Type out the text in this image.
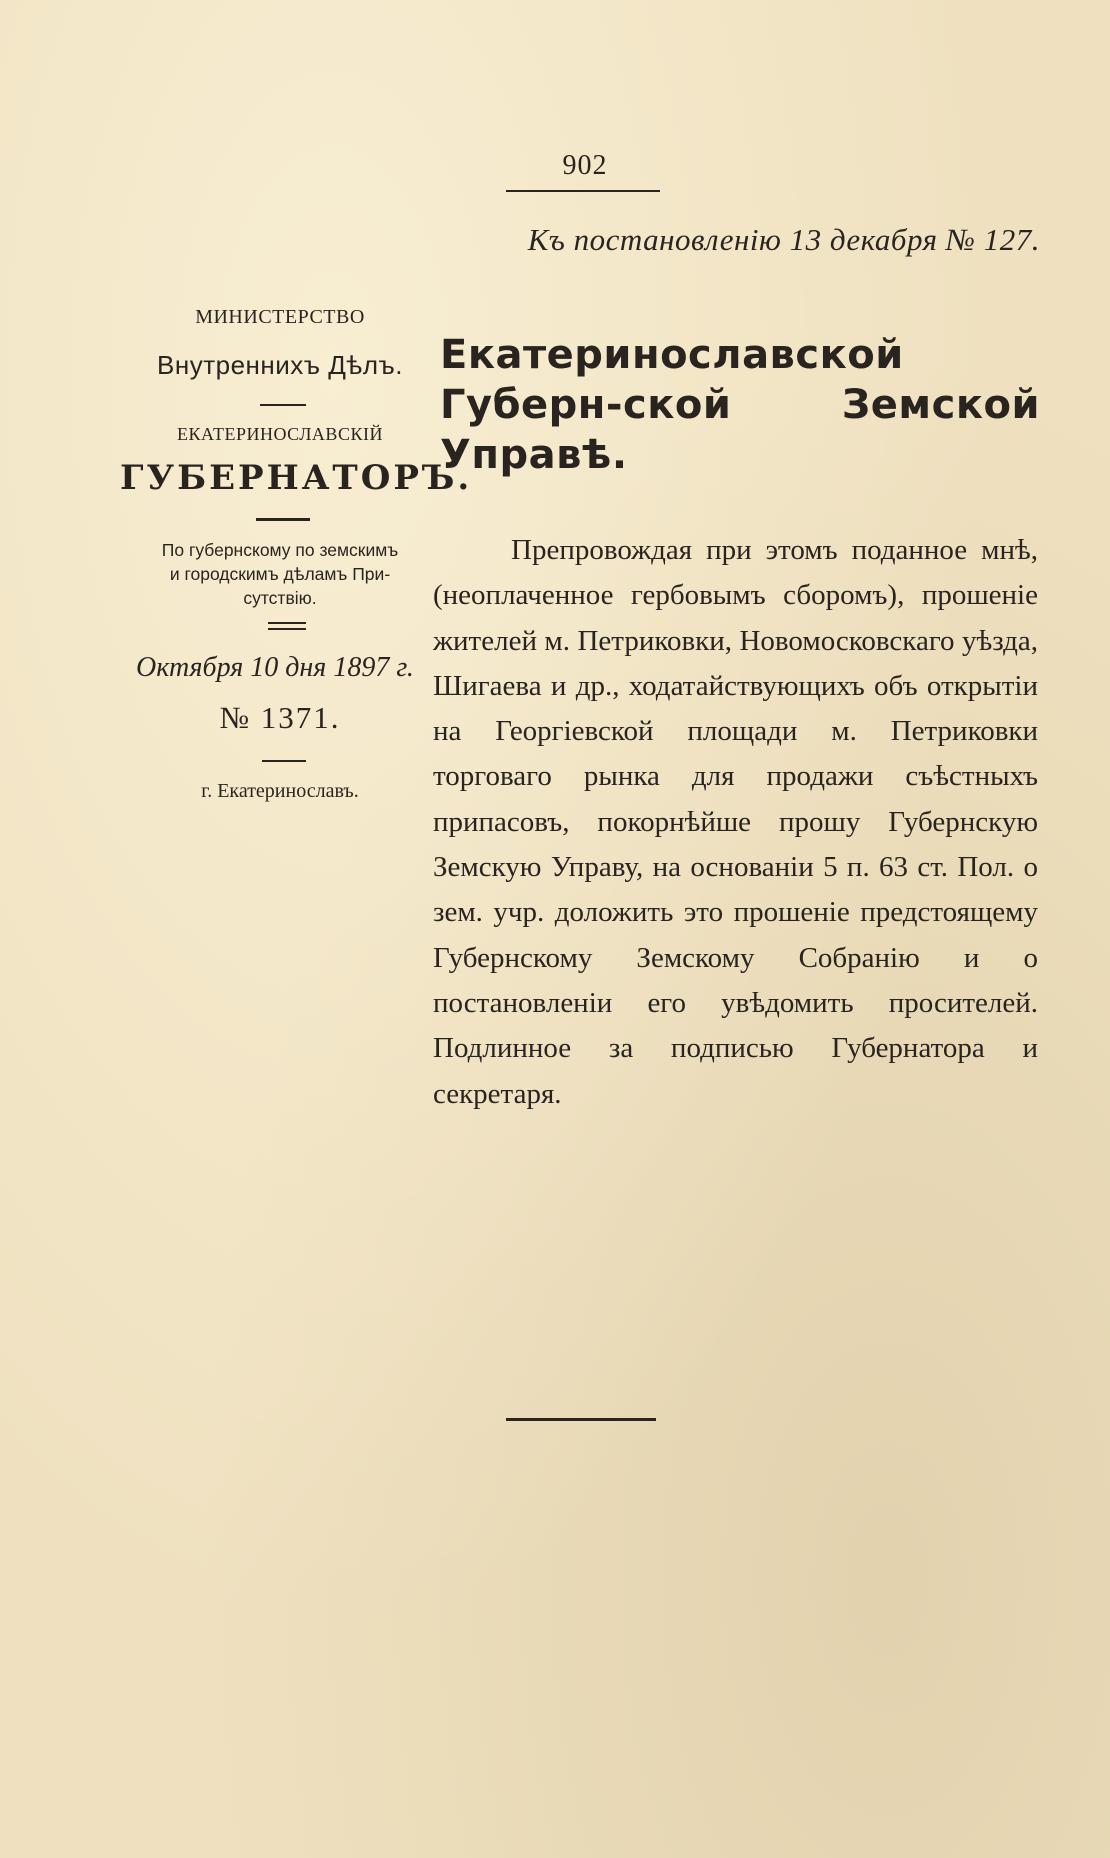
902
Къ постановленію 13 декабря № 127.
МИНИСТЕРСТВО
Внутреннихъ Дѣлъ.
ЕКАТЕРИНОСЛАВСКІЙ
ГУБЕРНАТОРЪ.
По губернскому по земскимъ
и городскимъ дѣламъ При-
сутствію.
Октября 10 дня 1897 г.
№ 1371.
г. Екатеринославъ.
Екатеринославской Губерн-ской Земской Управѣ.
Препровождая при этомъ поданное мнѣ, (неоплаченное гербовымъ сборомъ), прошеніе жителей м. Петриковки, Новомосковскаго уѣзда, Шигаева и др., ходатайствующихъ объ открытіи на Георгіевской площади м. Петриковки торговаго рынка для продажи съѣстныхъ припасовъ, покорнѣйше прошу Губернскую Земскую Управу, на основаніи 5 п. 63 ст. Пол. о зем. учр. доложить это прошеніе предстоящему Губернскому Земскому Собранію и о постановленіи его увѣдомить просителей. Подлинное за подписью Губернатора и секретаря.
